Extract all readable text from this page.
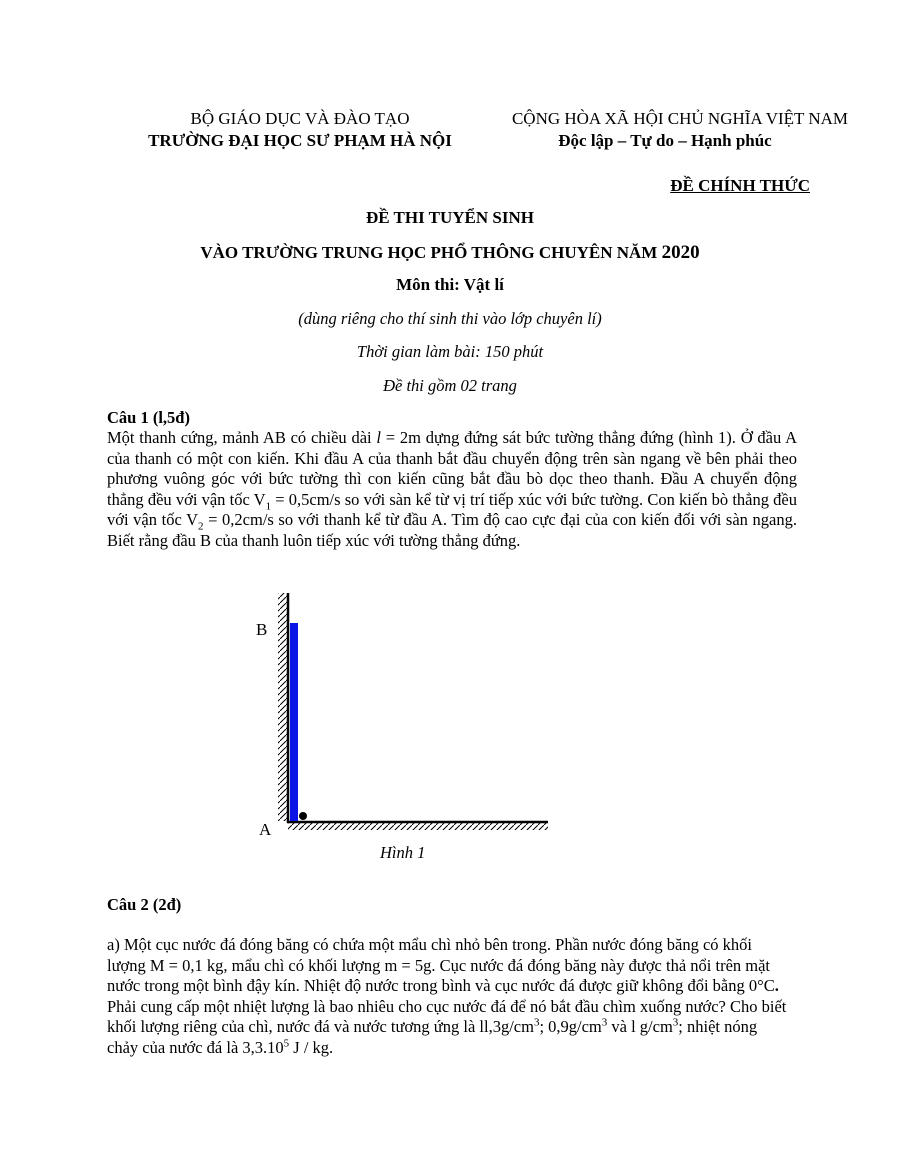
BỘ GIÁO DỤC VÀ ĐÀO TẠO
TRƯỜNG ĐẠI HỌC SƯ PHẠM HÀ NỘI
CỘNG HÒA XÃ HỘI CHỦ NGHĨA VIỆT NAM
Độc lập – Tự do – Hạnh phúc
ĐỀ CHÍNH THỨC
ĐỀ THI TUYỂN SINH
VÀO TRƯỜNG TRUNG HỌC PHỔ THÔNG CHUYÊN NĂM 2020
Môn thi: Vật lí
(dùng riêng cho thí sinh thi vào lớp chuyên lí)
Thời gian làm bài: 150 phút
Đề thi gồm 02 trang
Câu 1 (l,5đ)

Một thanh cứng, mảnh AB có chiều dài l = 2m dựng đứng sát bức tường thẳng đứng (hình 1). Ở đầu A của thanh có một con kiến. Khi đầu A của thanh bắt đầu chuyển động trên sàn ngang về bên phải theo phương vuông góc với bức tường thì con kiến cũng bắt đầu bò dọc theo thanh. Đầu A chuyển động thẳng đều với vận tốc $V_1 = 0,5cm/s$ so với sàn kể từ vị trí tiếp xúc với bức tường. Con kiến bò thẳng đều với vận tốc $V_2 = 0,2cm/s$ so với thanh kể từ đầu A. Tìm độ cao cực đại của con kiến đối với sàn ngang. Biết rằng đầu B của thanh luôn tiếp xúc với tường thẳng đứng.

B
A
Hình 1
Câu 2 (2đ)

a) Một cục nước đá đóng băng có chứa một mẩu chì nhỏ bên trong. Phần nước đóng băng có khối lượng M = 0,1 kg, mẩu chì có khối lượng m = 5g. Cục nước đá đóng băng này được thả nổi trên mặt nước trong một bình đậy kín. Nhiệt độ nước trong bình và cục nước đá được giữ không đổi bằng 0°C. Phải cung cấp một nhiệt lượng là bao nhiêu cho cục nước đá để nó bắt đầu chìm xuống nước? Cho biết khối lượng riêng của chì, nước đá và nước tương ứng là $ll,3g/cm^3$; $0,9g/cm^3$ và l $g/cm^3$; nhiệt nóng chảy của nước đá là 3,3.10$^5$ J / kg.
